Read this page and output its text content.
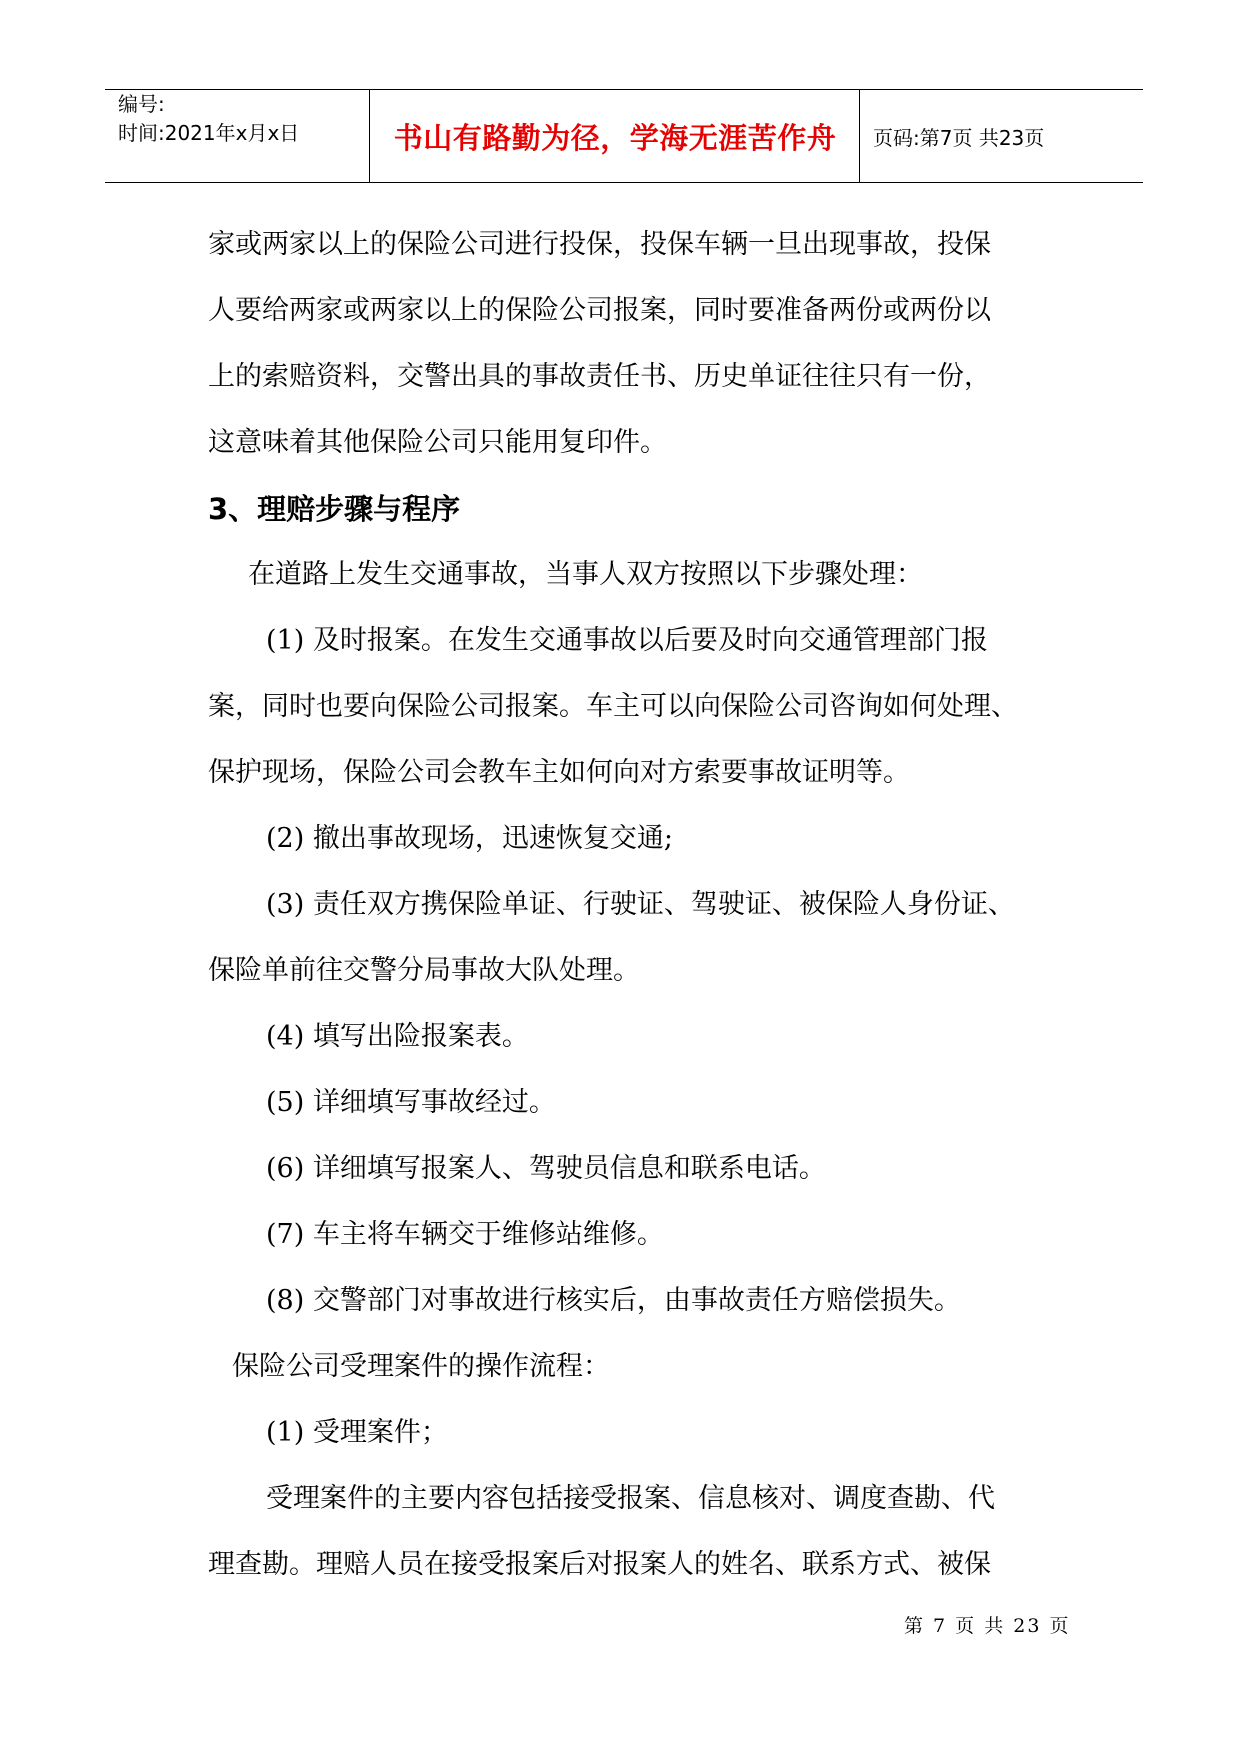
编号:
时间:2021年x月x日	书山有路勤为径，学海无涯苦作舟	页码:第7页 共23页

家或两家以上的保险公司进行投保，投保车辆一旦出现事故，投保

人要给两家或两家以上的保险公司报案，同时要准备两份或两份以

上的索赔资料，交警出具的事故责任书、历史单证往往只有一份，

这意味着其他保险公司只能用复印件。

3、理赔步骤与程序

在道路上发生交通事故，当事人双方按照以下步骤处理：

(1) 及时报案。在发生交通事故以后要及时向交通管理部门报

案，同时也要向保险公司报案。车主可以向保险公司咨询如何处理、

保护现场，保险公司会教车主如何向对方索要事故证明等。

(2) 撤出事故现场，迅速恢复交通;

(3) 责任双方携保险单证、行驶证、驾驶证、被保险人身份证、

保险单前往交警分局事故大队处理。

(4) 填写出险报案表。

(5) 详细填写事故经过。

(6) 详细填写报案人、驾驶员信息和联系电话。

(7) 车主将车辆交于维修站维修。

(8) 交警部门对事故进行核实后，由事故责任方赔偿损失。

保险公司受理案件的操作流程：

(1) 受理案件；

受理案件的主要内容包括接受报案、信息核对、调度查勘、代

理查勘。理赔人员在接受报案后对报案人的姓名、联系方式、被保

第 7 页 共 23 页
